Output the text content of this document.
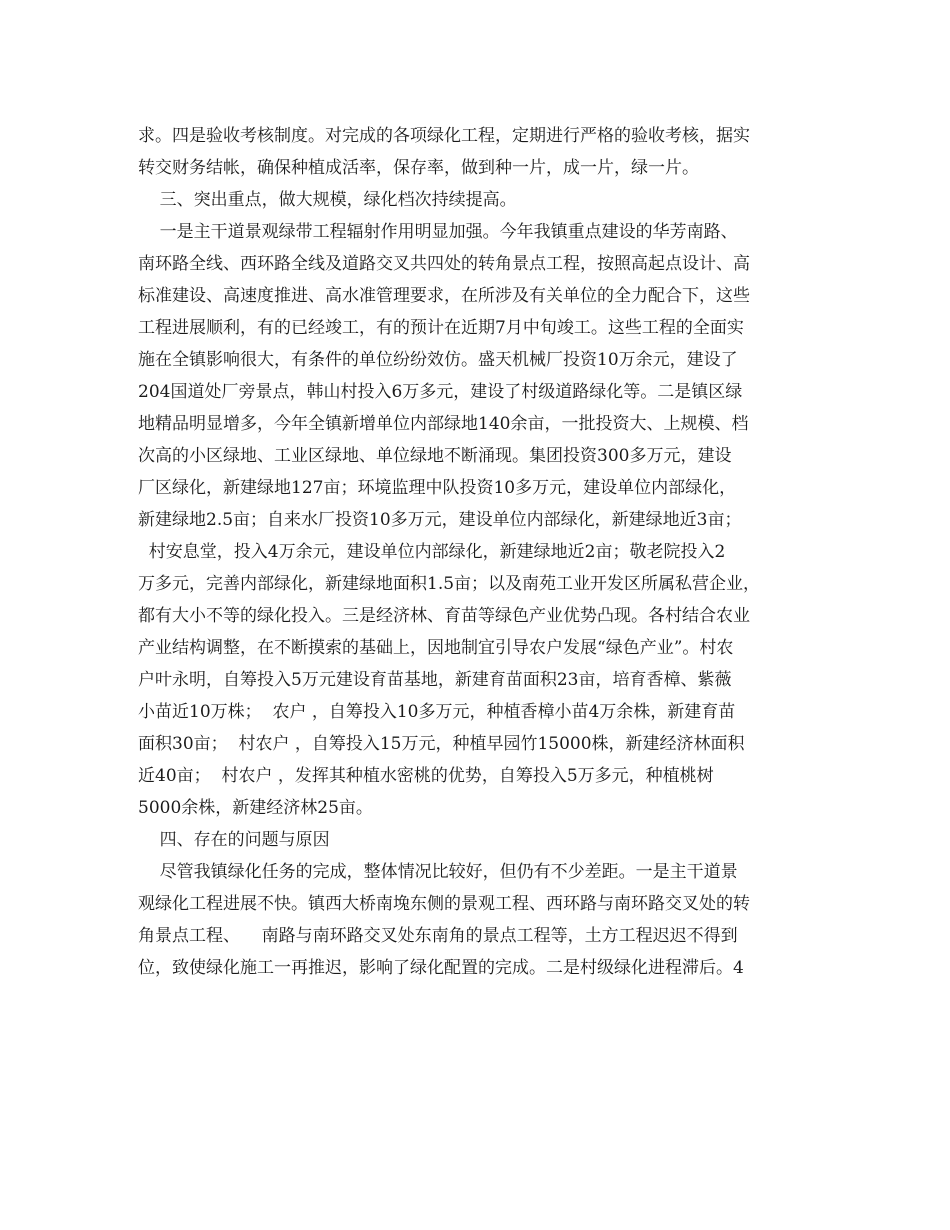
求。四是验收考核制度。对完成的各项绿化工程，定期进行严格的验收考核，据实
转交财务结帐，确保种植成活率，保存率，做到种一片，成一片，绿一片。
三、突出重点，做大规模，绿化档次持续提高。
一是主干道景观绿带工程辐射作用明显加强。今年我镇重点建设的华芳南路、
南环路全线、西环路全线及道路交叉共四处的转角景点工程，按照高起点设计、高
标准建设、高速度推进、高水准管理要求，在所涉及有关单位的全力配合下，这些
工程进展顺利，有的已经竣工，有的预计在近期7月中旬竣工。这些工程的全面实
施在全镇影响很大，有条件的单位纷纷效仿。盛天机械厂投资10万余元，建设了
204国道处厂旁景点，韩山村投入6万多元，建设了村级道路绿化等。二是镇区绿
地精品明显增多，今年全镇新增单位内部绿地140余亩，一批投资大、上规模、档
次高的小区绿地、工业区绿地、单位绿地不断涌现。集团投资300多万元，建设
厂区绿化，新建绿地127亩；环境监理中队投资10多万元，建设单位内部绿化，
新建绿地2.5亩；自来水厂投资10多万元，建设单位内部绿化，新建绿地近3亩；
村安息堂，投入4万余元，建设单位内部绿化，新建绿地近2亩；敬老院投入2
万多元，完善内部绿化，新建绿地面积1.5亩；以及南苑工业开发区所属私营企业，
都有大小不等的绿化投入。三是经济林、育苗等绿色产业优势凸现。各村结合农业
产业结构调整，在不断摸索的基础上，因地制宜引导农户发展“绿色产业”。村农
户叶永明，自筹投入5万元建设育苗基地，新建育苗面积23亩，培育香樟、紫薇
小苗近10万株；  农户 ，自筹投入10多万元，种植香樟小苗4万余株，新建育苗
面积30亩；  村农户 ，自筹投入15万元，种植早园竹15000株，新建经济林面积
近40亩；  村农户 ，发挥其种植水密桃的优势，自筹投入5万多元，种植桃树
5000余株，新建经济林25亩。
四、存在的问题与原因
尽管我镇绿化任务的完成，整体情况比较好，但仍有不少差距。一是主干道景
观绿化工程进展不快。镇西大桥南堍东侧的景观工程、西环路与南环路交叉处的转
角景点工程、    南路与南环路交叉处东南角的景点工程等，土方工程迟迟不得到
位，致使绿化施工一再推迟，影响了绿化配置的完成。二是村级绿化进程滞后。4
